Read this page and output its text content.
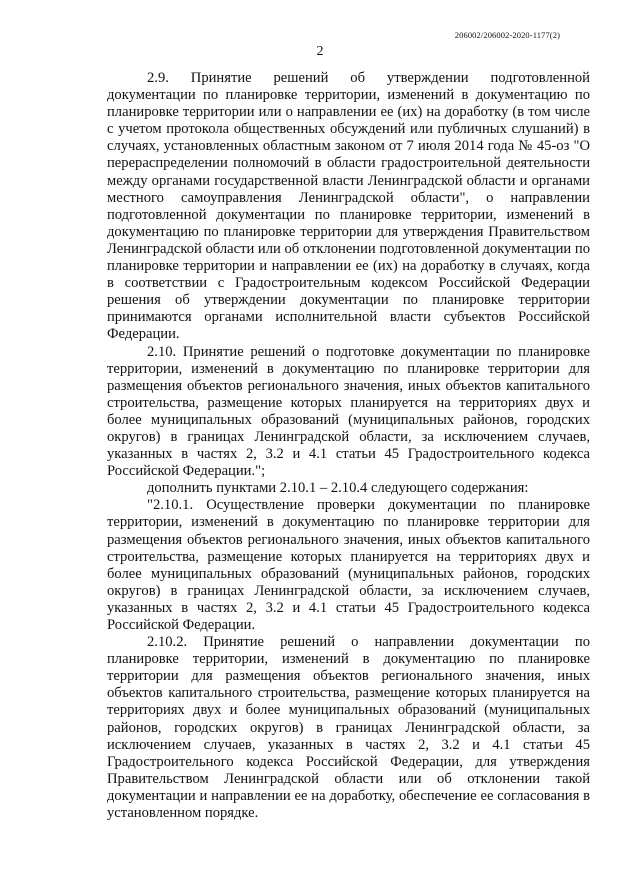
206002/206002-2020-1177(2)
2

2.9. Принятие решений об утверждении подготовленной документации по планировке территории, изменений в документацию по планировке территории или о направлении ее (их) на доработку (в том числе с учетом протокола общественных обсуждений или публичных слушаний) в случаях, установленных областным законом от 7 июля 2014 года № 45-оз "О перераспределении полномочий в области градостроительной деятельности между органами государственной власти Ленинградской области и органами местного самоуправления Ленинградской области", о направлении подготовленной документации по планировке территории, изменений в документацию по планировке территории для утверждения Правительством Ленинградской области или об отклонении подготовленной документации по планировке территории и направлении ее (их) на доработку в случаях, когда в соответствии с Градостроительным кодексом Российской Федерации решения об утверждении документации по планировке территории принимаются органами исполнительной власти субъектов Российской Федерации.

2.10. Принятие решений о подготовке документации по планировке территории, изменений в документацию по планировке территории для размещения объектов регионального значения, иных объектов капитального строительства, размещение которых планируется на территориях двух и более муниципальных образований (муниципальных районов, городских округов) в границах Ленинградской области, за исключением случаев, указанных в частях 2, 3.2 и 4.1 статьи 45 Градостроительного кодекса Российской Федерации.";

дополнить пунктами 2.10.1 – 2.10.4 следующего содержания:

"2.10.1. Осуществление проверки документации по планировке территории, изменений в документацию по планировке территории для размещения объектов регионального значения, иных объектов капитального строительства, размещение которых планируется на территориях двух и более муниципальных образований (муниципальных районов, городских округов) в границах Ленинградской области, за исключением случаев, указанных в частях 2, 3.2 и 4.1 статьи 45 Градостроительного кодекса Российской Федерации.

2.10.2. Принятие решений о направлении документации по планировке территории, изменений в документацию по планировке территории для размещения объектов регионального значения, иных объектов капитального строительства, размещение которых планируется на территориях двух и более муниципальных образований (муниципальных районов, городских округов) в границах Ленинградской области, за исключением случаев, указанных в частях 2, 3.2 и 4.1 статьи 45 Градостроительного кодекса Российской Федерации, для утверждения Правительством Ленинградской области или об отклонении такой документации и направлении ее на доработку, обеспечение ее согласования в установленном порядке.
